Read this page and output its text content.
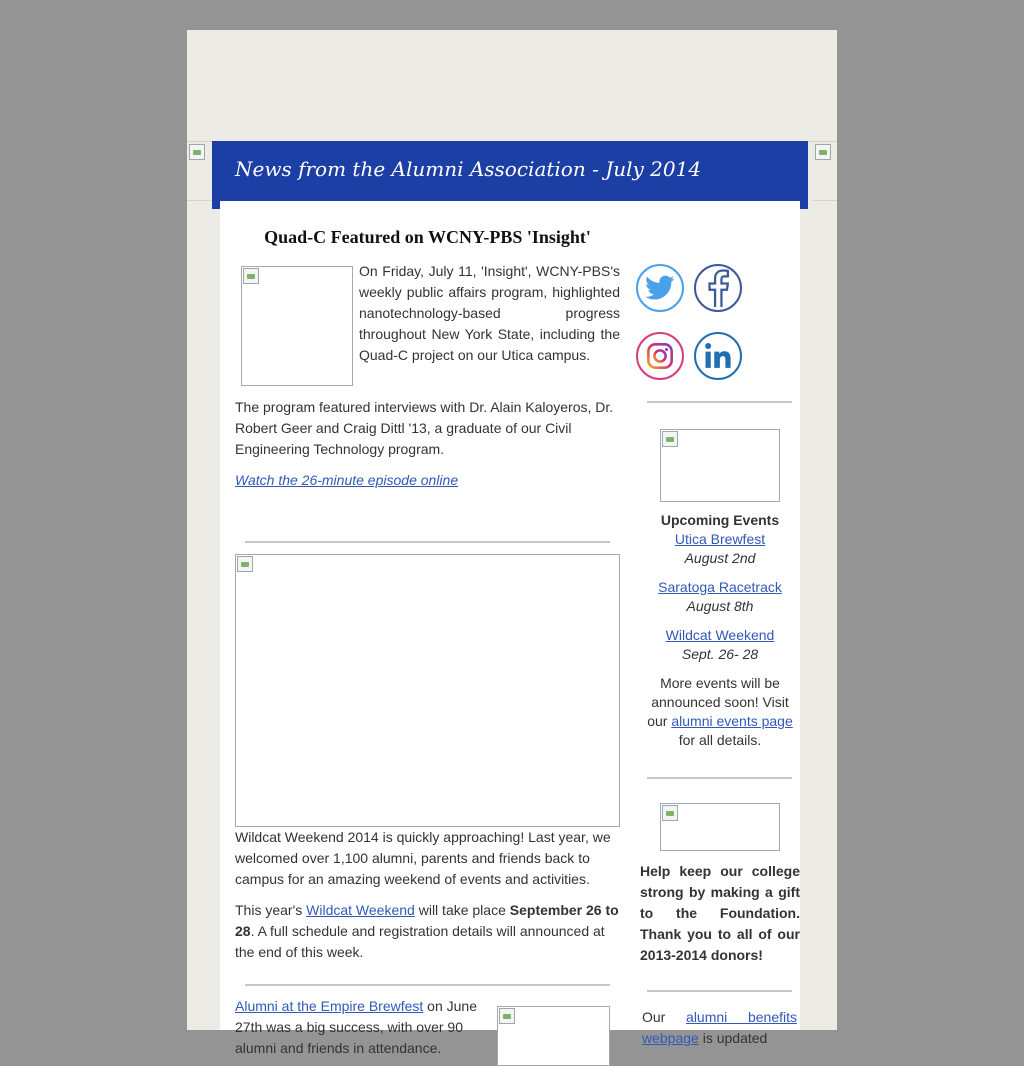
News from the Alumni Association - July 2014
Quad-C Featured on WCNY-PBS 'Insight'

On Friday, July 11, 'Insight', WCNY-PBS's weekly public affairs program, highlighted nanotechnology-based progress throughout New York State, including the Quad-C project on our Utica campus.

The program featured interviews with Dr. Alain Kaloyeros, Dr. Robert Geer and Craig Dittl '13, a graduate of our Civil Engineering Technology program.

Watch the 26-minute episode online

Wildcat Weekend 2014 is quickly approaching! Last year, we welcomed over 1,100 alumni, parents and friends back to campus for an amazing weekend of events and activities.

This year's Wildcat Weekend will take place September 26 to 28. A full schedule and registration details will announced at the end of this week.

Alumni at the Empire Brewfest on June 27th was a big success, with over 90 alumni and friends in attendance.

Upcoming Events

Utica Brewfest

August 2nd

Saratoga Racetrack

August 8th

Wildcat Weekend

Sept. 26- 28

More events will be announced soon! Visit our alumni events page for all details.

Help keep our college strong by making a gift to the Foundation. Thank you to all of our 2013-2014 donors!

Our alumni benefits webpage is updated
